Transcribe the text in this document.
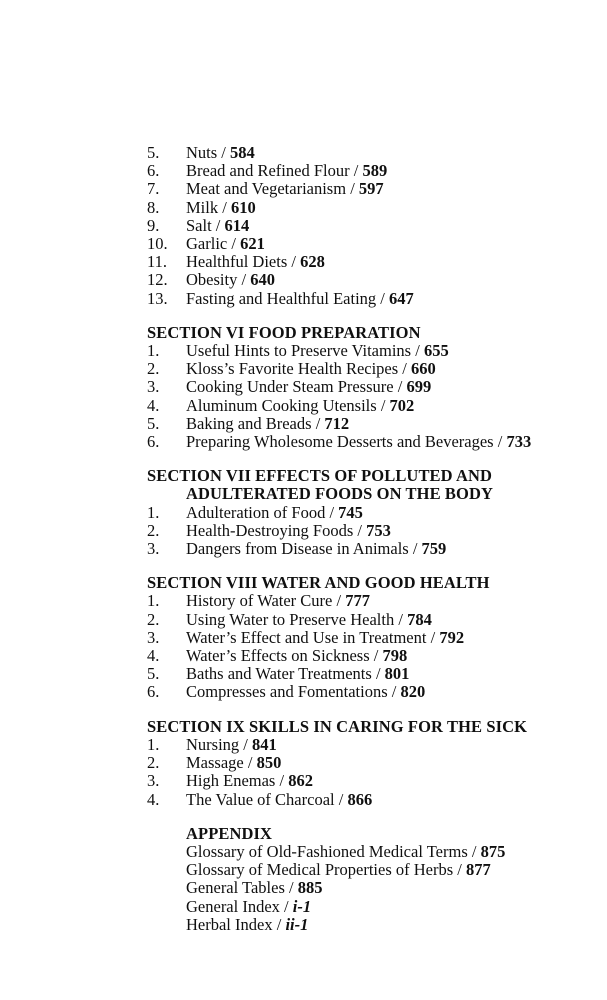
5. Nuts / 584
6. Bread and Refined Flour / 589
7. Meat and Vegetarianism / 597
8. Milk / 610
9. Salt / 614
10. Garlic / 621
11. Healthful Diets / 628
12. Obesity / 640
13. Fasting and Healthful Eating / 647
SECTION VI FOOD PREPARATION
1. Useful Hints to Preserve Vitamins / 655
2. Kloss’s Favorite Health Recipes / 660
3. Cooking Under Steam Pressure / 699
4. Aluminum Cooking Utensils / 702
5. Baking and Breads / 712
6. Preparing Wholesome Desserts and Beverages / 733
SECTION VII EFFECTS OF POLLUTED AND
ADULTERATED FOODS ON THE BODY
1. Adulteration of Food / 745
2. Health-Destroying Foods / 753
3. Dangers from Disease in Animals / 759
SECTION VIII WATER AND GOOD HEALTH
1. History of Water Cure / 777
2. Using Water to Preserve Health / 784
3. Water’s Effect and Use in Treatment / 792
4. Water’s Effects on Sickness / 798
5. Baths and Water Treatments / 801
6. Compresses and Fomentations / 820
SECTION IX SKILLS IN CARING FOR THE SICK
1. Nursing / 841
2. Massage / 850
3. High Enemas / 862
4. The Value of Charcoal / 866
APPENDIX
Glossary of Old-Fashioned Medical Terms / 875
Glossary of Medical Properties of Herbs / 877
General Tables / 885
General Index / i-1
Herbal Index / ii-1
